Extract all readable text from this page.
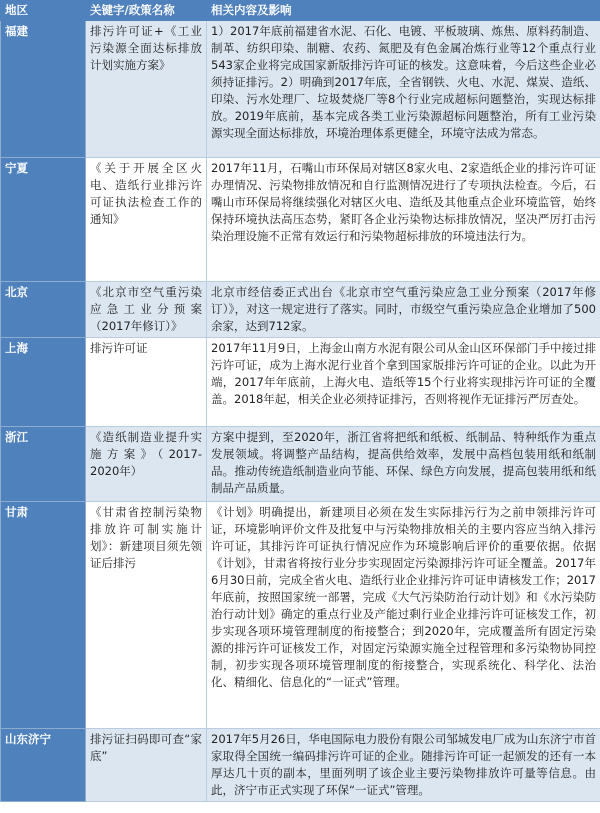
地区	关键字/政策名称	相关内容及影响
福建	排污许可证+《工业污染源全面达标排放计划实施方案》	1）2017年底前福建省水泥、石化、电镀、平板玻璃、炼焦、原料药制造、制革、纺织印染、制糖、农药、氮肥及有色金属冶炼行业等12个重点行业543家企业将完成国家新版排污许可证的核发。这意味着，今后这些企业必须持证排污。2）明确到2017年底，全省钢铁、火电、水泥、煤炭、造纸、印染、污水处理厂、垃圾焚烧厂等8个行业完成超标问题整治，实现达标排放。2019年底前，基本完成各类工业污染源超标问题整治，所有工业污染源实现全面达标排放，环境治理体系更健全，环境守法成为常态。
宁夏	《关于开展全区火电、造纸行业排污许可证执法检查工作的通知》	2017年11月，石嘴山市环保局对辖区8家火电、2家造纸企业的排污许可证办理情况、污染物排放情况和自行监测情况进行了专项执法检查。今后，石嘴山市环保局将继续强化对辖区火电、造纸及其他重点企业环境监管，始终保持环境执法高压态势，紧盯各企业污染物达标排放情况，坚决严厉打击污染治理设施不正常有效运行和污染物超标排放的环境违法行为。
北京	《北京市空气重污染应急工业分预案（2017年修订）》	北京市经信委正式出台《北京市空气重污染应急工业分预案（2017年修订）》，对这一规定进行了落实。同时，市级空气重污染应急企业增加了500余家，达到712家。
上海	排污许可证	2017年11月9日，上海金山南方水泥有限公司从金山区环保部门手中接过排污许可证，成为上海水泥行业首个拿到国家版排污许可证的企业。以此为开端，2017年年底前，上海火电、造纸等15个行业将实现排污许可证的全覆盖。2018年起，相关企业必须持证排污，否则将视作无证排污严厉查处。
浙江	《造纸制造业提升实施方案》（2017-2020年）	方案中提到，至2020年，浙江省将把纸和纸板、纸制品、特种纸作为重点发展领域。将调整产品结构，提高供给效率，发展中高档包装用纸和纸制品。推动传统造纸制造业向节能、环保、绿色方向发展，提高包装用纸和纸制品产品质量。
甘肃	《甘肃省控制污染物排放许可制实施计划》：新建项目须先领证后排污	《计划》明确提出，新建项目必须在发生实际排污行为之前申领排污许可证，环境影响评价文件及批复中与污染物排放相关的主要内容应当纳入排污许可证，其排污许可证执行情况应作为环境影响后评价的重要依据。依据《计划》，甘肃省将按行业分步实现固定污染源排污许可证全覆盖。2017年6月30日前，完成全省火电、造纸行业企业排污许可证申请核发工作；2017年底前，按照国家统一部署，完成《大气污染防治行动计划》和《水污染防治行动计划》确定的重点行业及产能过剩行业企业排污许可证核发工作，初步实现各项环境管理制度的衔接整合；到2020年，完成覆盖所有固定污染源的排污许可证核发工作，对固定污染源实施全过程管理和多污染物协同控制，初步实现各项环境管理制度的衔接整合，实现系统化、科学化、法治化、精细化、信息化的“一证式”管理。
山东济宁	排污证扫码即可查“家底”	2017年5月26日，华电国际电力股份有限公司邹城发电厂成为山东济宁市首家取得全国统一编码排污许可证的企业。随排污许可证一起颁发的还有一本厚达几十页的副本，里面列明了该企业主要污染物排放许可量等信息。由此，济宁市正式实现了环保“一证式”管理。
